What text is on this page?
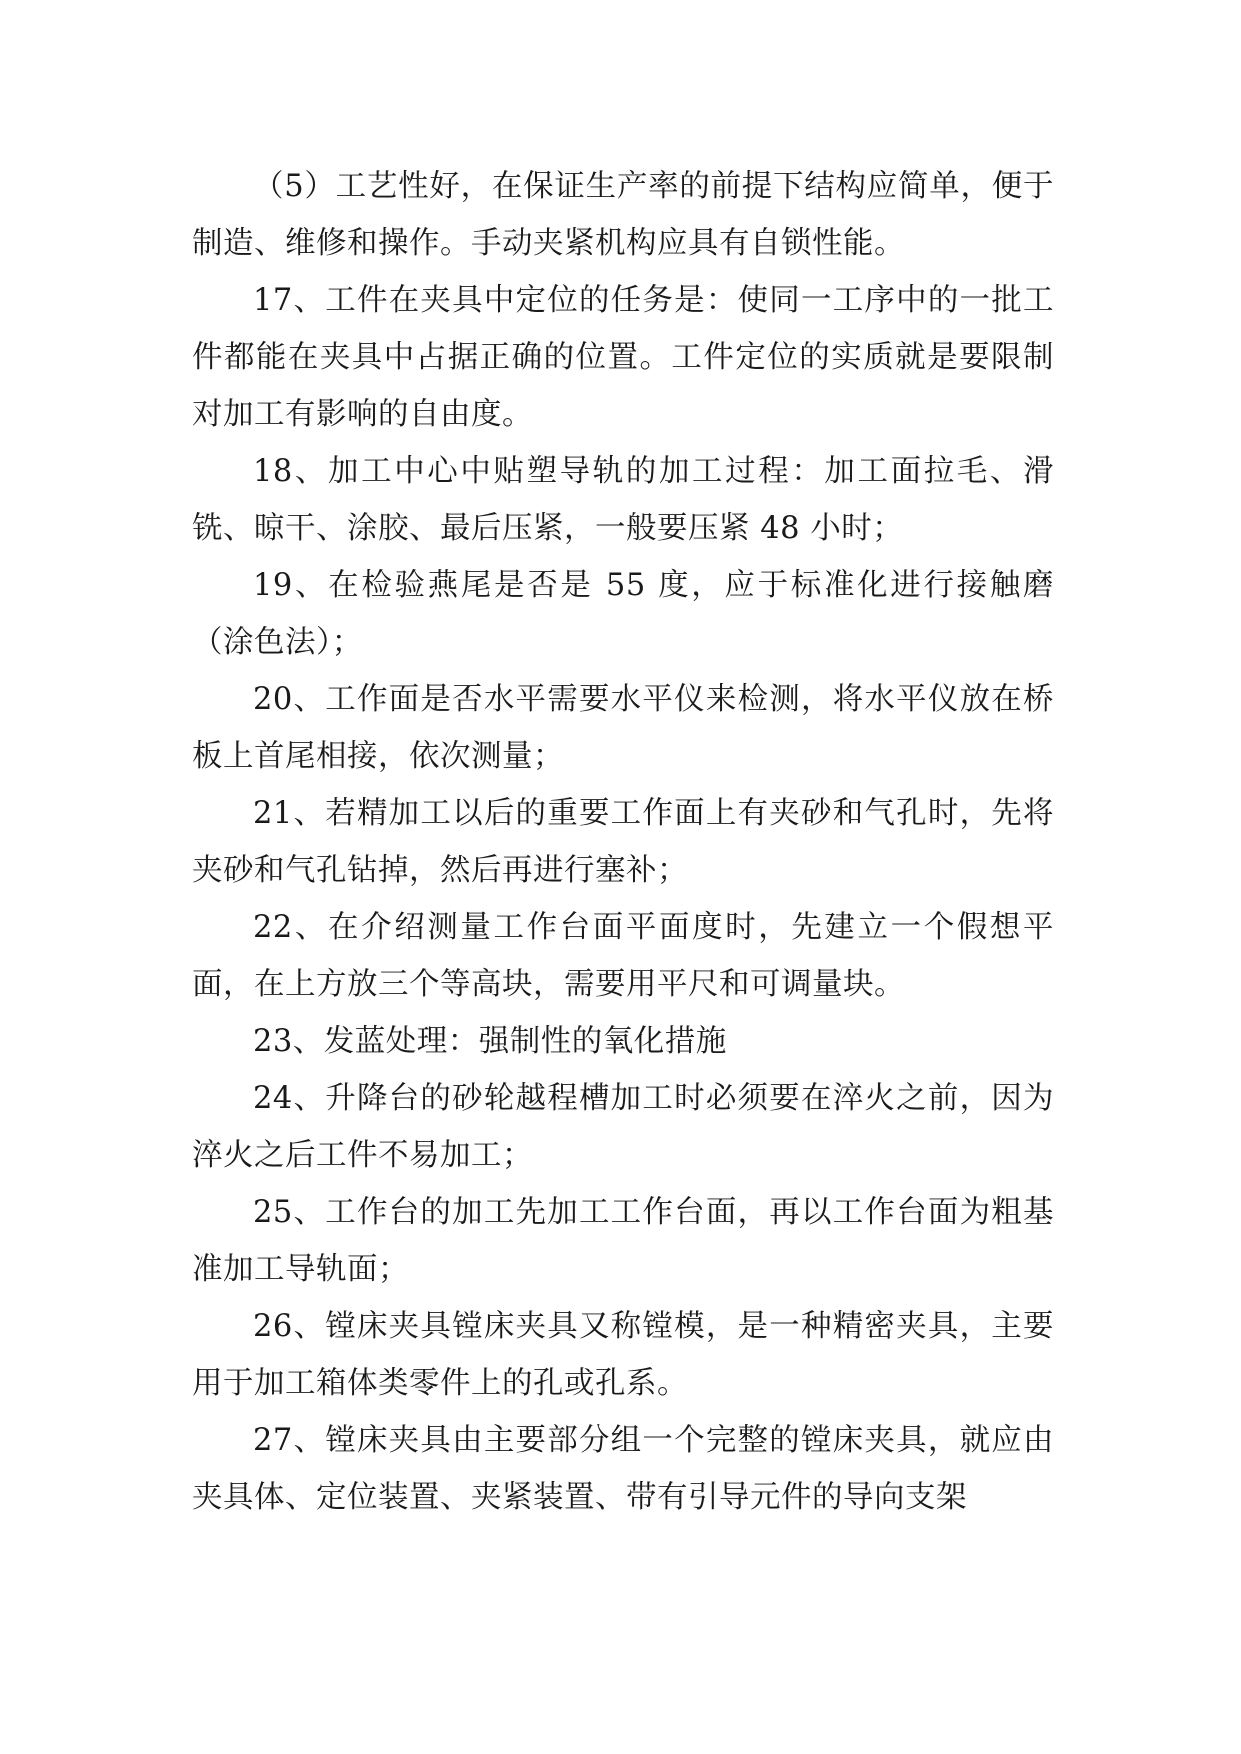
（5）工艺性好，在保证生产率的前提下结构应简单，便于制造、维修和操作。手动夹紧机构应具有自锁性能。

17、工件在夹具中定位的任务是：使同一工序中的一批工件都能在夹具中占据正确的位置。工件定位的实质就是要限制对加工有影响的自由度。

18、加工中心中贴塑导轨的加工过程：加工面拉毛、滑铣、晾干、涂胶、最后压紧，一般要压紧 48 小时；

19、在检验燕尾是否是 55 度，应于标准化进行接触磨（涂色法）；

20、工作面是否水平需要水平仪来检测，将水平仪放在桥板上首尾相接，依次测量；

21、若精加工以后的重要工作面上有夹砂和气孔时，先将夹砂和气孔钻掉，然后再进行塞补；

22、在介绍测量工作台面平面度时，先建立一个假想平面，在上方放三个等高块，需要用平尺和可调量块。

23、发蓝处理：强制性的氧化措施

24、升降台的砂轮越程槽加工时必须要在淬火之前，因为淬火之后工件不易加工；

25、工作台的加工先加工工作台面，再以工作台面为粗基准加工导轨面；

26、镗床夹具镗床夹具又称镗模，是一种精密夹具，主要用于加工箱体类零件上的孔或孔系。

27、镗床夹具由主要部分组一个完整的镗床夹具，就应由夹具体、定位装置、夹紧装置、带有引导元件的导向支架
